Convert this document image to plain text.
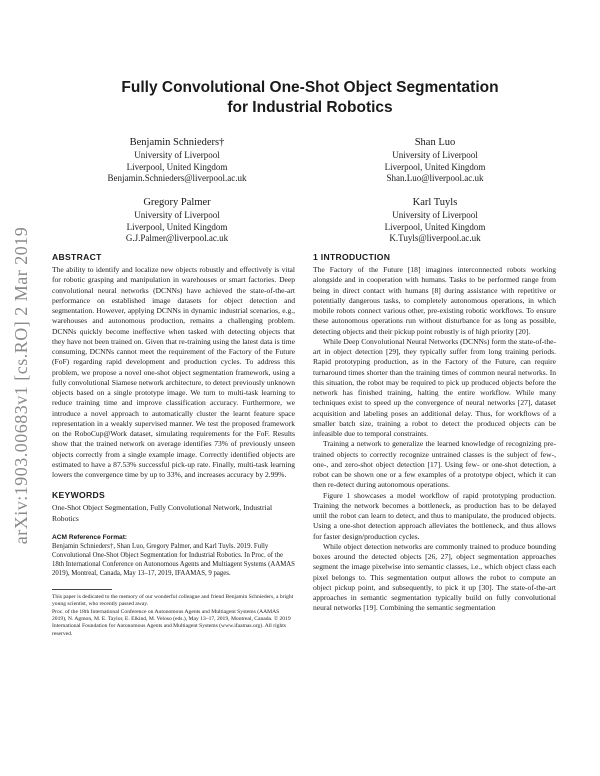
arXiv:1903.00683v1 [cs.RO] 2 Mar 2019
Fully Convolutional One-Shot Object Segmentation
for Industrial Robotics
Benjamin Schnieders†
University of Liverpool
Liverpool, United Kingdom
Benjamin.Schnieders@liverpool.ac.uk
Shan Luo
University of Liverpool
Liverpool, United Kingdom
Shan.Luo@liverpool.ac.uk
Gregory Palmer
University of Liverpool
Liverpool, United Kingdom
G.J.Palmer@liverpool.ac.uk
Karl Tuyls
University of Liverpool
Liverpool, United Kingdom
K.Tuyls@liverpool.ac.uk
ABSTRACT

The ability to identify and localize new objects robustly and effectively is vital for robotic grasping and manipulation in warehouses or smart factories. Deep convolutional neural networks (DCNNs) have achieved the state-of-the-art performance on established image datasets for object detection and segmentation. However, applying DCNNs in dynamic industrial scenarios, e.g., warehouses and autonomous production, remains a challenging problem. DCNNs quickly become ineffective when tasked with detecting objects that they have not been trained on. Given that re-training using the latest data is time consuming, DCNNs cannot meet the requirement of the Factory of the Future (FoF) regarding rapid development and production cycles. To address this problem, we propose a novel one-shot object segmentation framework, using a fully convolutional Siamese network architecture, to detect previously unknown objects based on a single prototype image. We turn to multi-task learning to reduce training time and improve classification accuracy. Furthermore, we introduce a novel approach to automatically cluster the learnt feature space representation in a weakly supervised manner. We test the proposed framework on the RoboCup@Work dataset, simulating requirements for the FoF. Results show that the trained network on average identifies 73% of previously unseen objects correctly from a single example image. Correctly identified objects are estimated to have a 87.53% successful pick-up rate. Finally, multi-task learning lowers the convergence time by up to 33%, and increases accuracy by 2.99%.

KEYWORDS

One-Shot Object Segmentation, Fully Convolutional Network, Industrial Robotics

ACM Reference Format:

Benjamin Schnieders†, Shan Luo, Gregory Palmer, and Karl Tuyls. 2019. Fully Convolutional One-Shot Object Segmentation for Industrial Robotics. In Proc. of the 18th International Conference on Autonomous Agents and Multiagent Systems (AAMAS 2019), Montreal, Canada, May 13–17, 2019, IFAAMAS, 9 pages.

This paper is dedicated to the memory of our wonderful colleague and friend Benjamin Schnieders, a bright young scientist, who recently passed away.

Proc. of the 18th International Conference on Autonomous Agents and Multiagent Systems (AAMAS 2019), N. Agmon, M. E. Taylor, E. Elkind, M. Veloso (eds.), May 13–17, 2019, Montreal, Canada. © 2019 International Foundation for Autonomous Agents and Multiagent Systems (www.ifaamas.org). All rights reserved.

1 INTRODUCTION

The Factory of the Future [18] imagines interconnected robots working alongside and in cooperation with humans. Tasks to be performed range from being in direct contact with humans [8] during assistance with repetitive or potentially dangerous tasks, to completely autonomous operations, in which mobile robots connect various other, pre-existing robotic workflows. To ensure these autonomous operations run without disturbance for as long as possible, detecting objects and their pickup point robustly is of high priority [20].

While Deep Convolutional Neural Networks (DCNNs) form the state-of-the-art in object detection [29], they typically suffer from long training periods. Rapid prototyping production, as in the Factory of the Future, can require turnaround times shorter than the training times of common neural networks. In this situation, the robot may be required to pick up produced objects before the network has finished training, halting the entire workflow. While many techniques exist to speed up the convergence of neural networks [27], dataset acquisition and labeling poses an additional delay. Thus, for workflows of a smaller batch size, training a robot to detect the produced objects can be infeasible due to temporal constraints.

Training a network to generalize the learned knowledge of recognizing pre-trained objects to correctly recognize untrained classes is the subject of few-, one-, and zero-shot object detection [17]. Using few- or one-shot detection, a robot can be shown one or a few examples of a prototype object, which it can then re-detect during autonomous operations.

Figure 1 showcases a model workflow of rapid prototyping production. Training the network becomes a bottleneck, as production has to be delayed until the robot can learn to detect, and thus to manipulate, the produced objects. Using a one-shot detection approach alleviates the bottleneck, and thus allows for faster design/production cycles.

While object detection networks are commonly trained to produce bounding boxes around the detected objects [26, 27], object segmentation approaches segment the image pixelwise into semantic classes, i.e., which object class each pixel belongs to. This segmentation output allows the robot to compute an object pickup point, and subsequently, to pick it up [30]. The state-of-the-art approaches in semantic segmentation typically build on fully convolutional neural networks [19]. Combining the semantic segmentation
